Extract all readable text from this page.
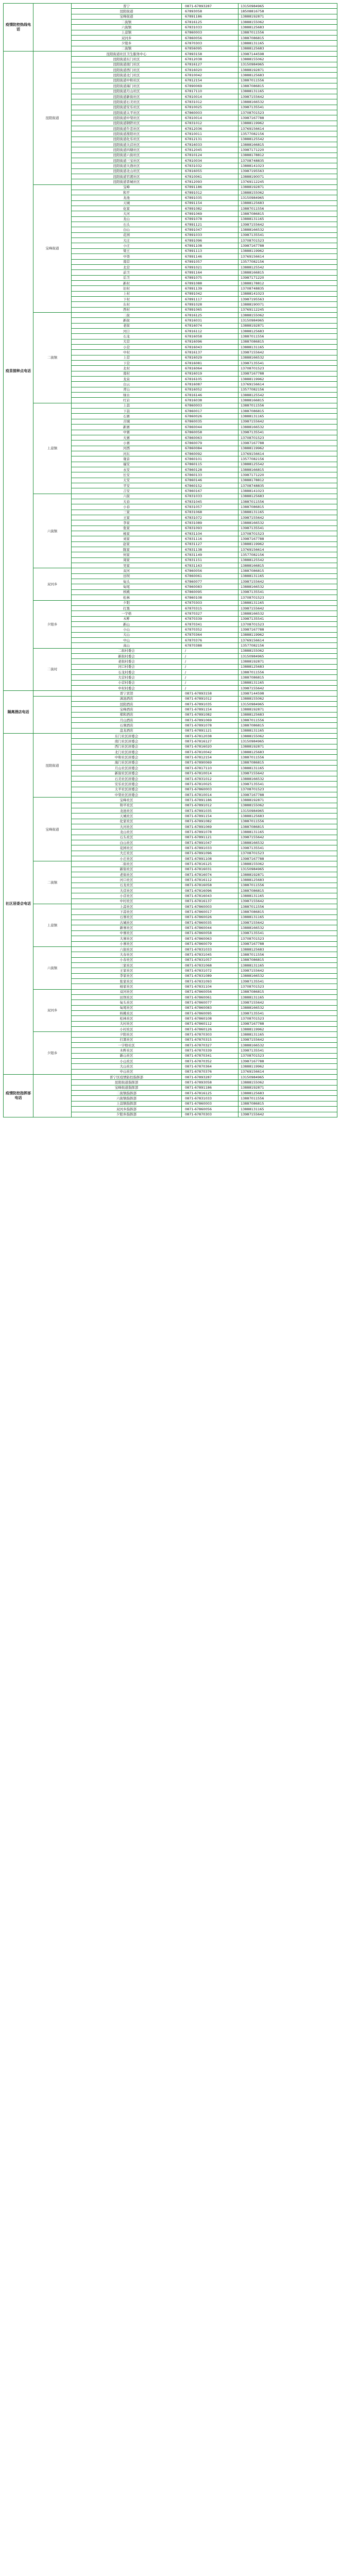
疫情防控热线电话		晋宁	0871-67893287	13150984965
		昆阳街道	67893058	18508816758
		宝峰街道	67891186	13888192871
		二街镇	67816125	13888155062
		六街镇	67831033	13888125683
		上蒜镇	67860003	13887011556
		双河乡	67860056	13887086815
		夕阳乡	67870303	13888131165
		二街镇	67856095	13888125683
疫苗接种点电话	昆阳街道	昆阳街道社区卫生服务中心	67893158	13987144598
		昆阳街道东门社区	67812038	13888155062
		昆阳街道南门社区	67816127	13150984965
		昆阳街道西门社区	67816020	13888192871
		昆阳街道北门社区	67810042	13888125683
		昆阳街道中和社区	67812154	13887011556
		昆阳街道海门社区	67890069	13887086815
		昆阳街道月山社区	67817110	13888131165
		昆阳街道新街社区	67810014	13987155642
		昆阳街道石美社区	67831012	13888166532
		昆阳街道安乐社区	67810025	13987135541
		昆阳街道太平社区	67860003	13708701523
		昆阳街道中渠社区	67810014	13987167788
		昆阳街道钢铁社区	67831012	13888119962
		昆阳街道牛恋社区	67812036	13769156614
		昆阳街道淮阳社区	67810011	13577082156
		昆阳街道化乐社区	67812131	13888125542
		昆阳街道大营社区	67816033	13888166815
		昆阳街道四塘社区	67812045	13987171220
		昆阳街道六街社区	67810124	13888178812
		昆阳街道三宝社区	67810034	13708748835
		昆阳街道大渔社区	67831032	13888141023
		昆阳街道北山社区	67816055	13987195563
		昆阳街道官渡社区	67810061	13888190071
		昆阳街道晋城社区	67812093	13769112245
	宝峰街道	宝峰	67891186	13888192871
		和平	67891012	13888155062
		龙池	67891035	13150984965
		天城	67891154	13888125683
		化家	67891082	13887011556
		大河	67891069	13887086815
		龙山	67891078	13888131165
		石头	67891121	13987155642
		白山	67891047	13888166532
		花园	67891033	13987135541
		大庄	67891096	13708701523
		小庄	67891108	13987167788
		梁王	67891113	13888119962
		中渠	67891146	13769156614
		南营	67891057	13577082156
		北营	67891021	13888125542
		前卫	67891164	13888166815
		后卫	67891075	13987171220
		新村	67891088	13888178812
		旧村	67891139	13708748835
		上村	67891042	13888141023
		下村	67891117	13987195563
		东村	67891028	13888190071
		西村	67891065	13769112245
	二街镇	二街	67816125	13888155062
		新街	67816031	13150984965
		老街	67816074	13888192871
		河口	67816112	13888125683
		石龙	67816058	13887011556
		大营	67816096	13887086815
		小营	67816043	13888131165
		中村	67816137	13987155642
		上营	67816029	13888166532
		下营	67816081	13987135541
		北村	67816064	13708701523
		南村	67816019	13987167788
		龙泉	67816105	13888119962
		白云	67816087	13769156614
		青山	67816052	13577082156
		绿水	67816146	13888125542
		红岩	67816038	13888166815
	上蒜镇	上蒜	67860003	13887011556
		下蒜	67860017	13887086815
		石寨	67860026	13888131165
		古城	67860035	13987155642
		新寨	67860044	13888166532
		中寨	67860058	13987135541
		大寨	67860063	13708701523
		小寨	67860079	13987167788
		河西	67860084	13888119962
		河东	67860092	13769156614
		观音	67860101	13577082156
		福安	67860115	13888125542
		永安	67860128	13888166815
		长安	67860133	13987171220
		太安	67860146	13888178812
		平安	67860152	13708748835
		吉安	67860167	13888141023
	六街镇	六街	67831033	13888125683
		大春	67831045	13887011556
		小春	67831057	13887086815
		三家	67831068	13888131165
		王家	67831072	13987155642
		李家	67831089	13888166532
		张家	67831093	13987135541
		杨家	67831104	13708701523
		刘家	67831116	13987167788
		赵家	67831127	13888119962
		陈家	67831138	13769156614
		何家	67831149	13577082156
		周家	67831151	13888125542
		吴家	67831163	13888166815
	双河乡	双河	67860056	13887086815
		田坝	67860061	13888131165
		甸头	67860077	13987155642
		甸尾	67860083	13888166532
		核桃	67860095	13987135541
		松林	67860108	13708701523
	夕阳乡	夕阳	67870303	13888131165
		打黑	67870315	13987155642
		一字格	67870327	13888166532
		木鲊	67870339	13987135541
		新山	67870341	13708701523
		小山	67870352	13987167788
		大山	67870364	13888119962
		中山	67870376	13769156614
		高山	67870388	13577082156
	二街村	二街村委会	/	13888155062
		新街村委会	/	13150984965
		老街村委会	/	13888192871
		河口村委会	/	13888125683
		石龙村委会	/	13887011556
		大营村委会	/	13887086815
		小营村委会	/	13888131165
		中村村委会	/	13987155642
隔离酒店电话		晋宁宾馆	0871-67893158	13987144598
		滇池酒店	0871-67891012	13888155062
		昆阳酒店	0871-67891035	13150984965
		宝峰酒店	0871-67891154	13888192871
		郑和酒店	0871-67891082	13888125683
		月山酒店	0871-67891069	13887011556
		石寨酒店	0871-67891078	13887086815
		盘龙酒店	0871-67891121	13888131165
社区居委会电话	昆阳街道	东门社区居委会	0871-67812038	13888155062
		南门社区居委会	0871-67816127	13150984965
		西门社区居委会	0871-67816020	13888192871
		北门社区居委会	0871-67810042	13888125683
		中和社区居委会	0871-67812154	13887011556
		海门社区居委会	0871-67890069	13887086815
		月山社区居委会	0871-67817110	13888131165
		新街社区居委会	0871-67810014	13987155642
		石美社区居委会	0871-67831012	13888166532
		安乐社区居委会	0871-67810025	13987135541
		太平社区居委会	0871-67860003	13708701523
		中渠社区居委会	0871-67810014	13987167788
	宝峰街道	宝峰社区	0871-67891186	13888192871
		和平社区	0871-67891012	13888155062
		龙池社区	0871-67891035	13150984965
		天城社区	0871-67891154	13888125683
		化家社区	0871-67891082	13887011556
		大河社区	0871-67891069	13887086815
		龙山社区	0871-67891078	13888131165
		石头社区	0871-67891121	13987155642
		白山社区	0871-67891047	13888166532
		花园社区	0871-67891033	13987135541
		大庄社区	0871-67891096	13708701523
		小庄社区	0871-67891108	13987167788
	二街镇	二街社区	0871-67816125	13888155062
		新街社区	0871-67816031	13150984965
		老街社区	0871-67816074	13888192871
		河口社区	0871-67816112	13888125683
		石龙社区	0871-67816058	13887011556
		大营社区	0871-67816096	13887086815
		小营社区	0871-67816043	13888131165
		中村社区	0871-67816137	13987155642
	上蒜镇	上蒜社区	0871-67860003	13887011556
		下蒜社区	0871-67860017	13887086815
		石寨社区	0871-67860026	13888131165
		古城社区	0871-67860035	13987155642
		新寨社区	0871-67860044	13888166532
		中寨社区	0871-67860058	13987135541
		大寨社区	0871-67860063	13708701523
		小寨社区	0871-67860079	13987167788
	六街镇	六街社区	0871-67831033	13888125683
		大春社区	0871-67831045	13887011556
		小春社区	0871-67831057	13887086815
		三家社区	0871-67831068	13888131165
		王家社区	0871-67831072	13987155642
		李家社区	0871-67831089	13888166532
		张家社区	0871-67831093	13987135541
		杨家社区	0871-67831104	13708701523
	双河乡	双河社区	0871-67860056	13887086815
		田坝社区	0871-67860061	13888131165
		甸头社区	0871-67860077	13987155642
		甸尾社区	0871-67860083	13888166532
		核桃社区	0871-67860095	13987135541
		松林社区	0871-67860108	13708701523
		大村社区	0871-67860112	13987167788
		小村社区	0871-67860126	13888119962
	夕阳乡	夕阳社区	0871-67870303	13888131165
		打黑社区	0871-67870315	13987155642
		一字格社区	0871-67870327	13888166532
		木鲊社区	0871-67870339	13987135541
		新山社区	0871-67870341	13708701523
		小山社区	0871-67870352	13987167788
		大山社区	0871-67870364	13888119962
		中山社区	0871-67870376	13769156614
疫情防控指挥部电话		晋宁区疫情防控指挥部	0871-67893287	13150984965
		昆阳街道指挥部	0871-67893058	13888155062
		宝峰街道指挥部	0871-67891186	13888192871
		二街镇指挥部	0871-67816125	13888125683
		六街镇指挥部	0871-67831033	13887011556
		上蒜镇指挥部	0871-67860003	13887086815
		双河乡指挥部	0871-67860056	13888131165
		夕阳乡指挥部	0871-67870303	13987155642
